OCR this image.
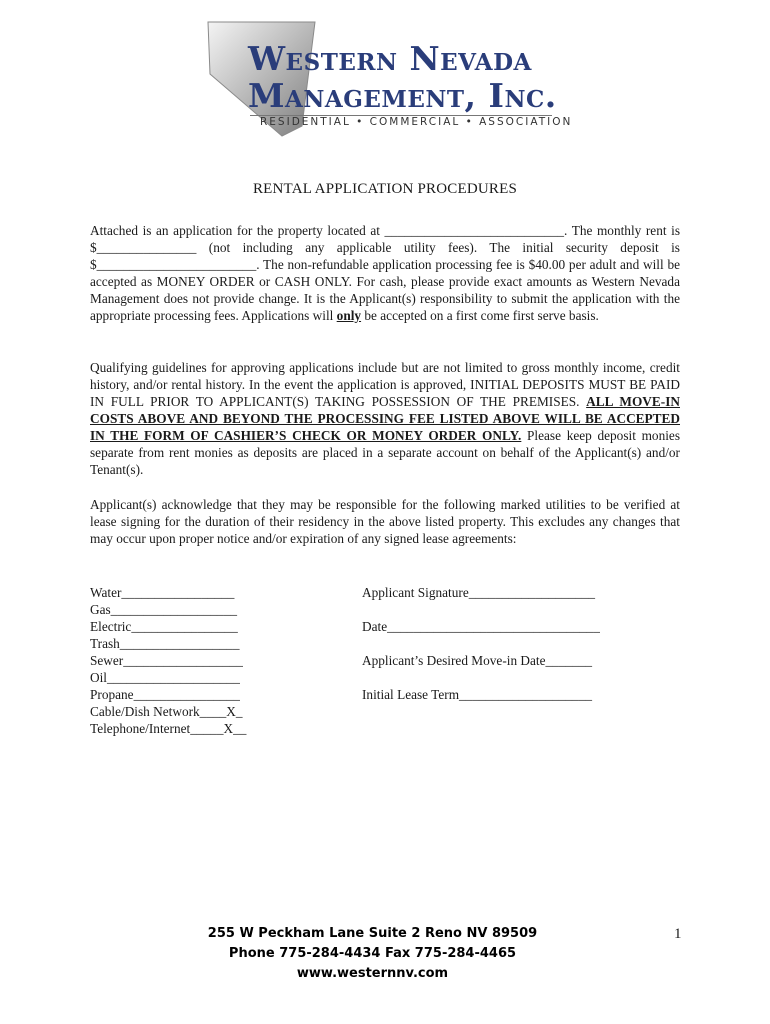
Western Nevada
Management, Inc.
RESIDENTIAL • COMMERCIAL • ASSOCIATION
RENTAL APPLICATION PROCEDURES

Attached is an application for the property located at ___________________________. The monthly rent is $_______________ (not including any applicable utility fees). The initial security deposit is $________________________. The non-refundable application processing fee is $40.00 per adult and will be accepted as MONEY ORDER or CASH ONLY. For cash, please provide exact amounts as Western Nevada Management does not provide change. It is the Applicant(s) responsibility to submit the application with the appropriate processing fees. Applications will only be accepted on a first come first serve basis.

Qualifying guidelines for approving applications include but are not limited to gross monthly income, credit history, and/or rental history. In the event the application is approved, INITIAL DEPOSITS MUST BE PAID IN FULL PRIOR TO APPLICANT(S) TAKING POSSESSION OF THE PREMISES. ALL MOVE-IN COSTS ABOVE AND BEYOND THE PROCESSING FEE LISTED ABOVE WILL BE ACCEPTED IN THE FORM OF CASHIER’S CHECK OR MONEY ORDER ONLY. Please keep deposit monies separate from rent monies as deposits are placed in a separate account on behalf of the Applicant(s) and/or Tenant(s).

Applicant(s) acknowledge that they may be responsible for the following marked utilities to be verified at lease signing for the duration of their residency in the above listed property. This excludes any changes that may occur upon proper notice and/or expiration of any signed lease agreements:

Water_________________
Gas___________________
Electric________________
Trash__________________
Sewer__________________
Oil____________________
Propane________________
Cable/Dish Network____X_
Telephone/Internet_____X__
Applicant Signature___________________
Date________________________________
Applicant’s Desired Move-in Date_______
Initial Lease Term____________________
255 W Peckham Lane Suite 2 Reno NV 89509
Phone 775-284-4434 Fax 775-284-4465
www.westernnv.com
1
